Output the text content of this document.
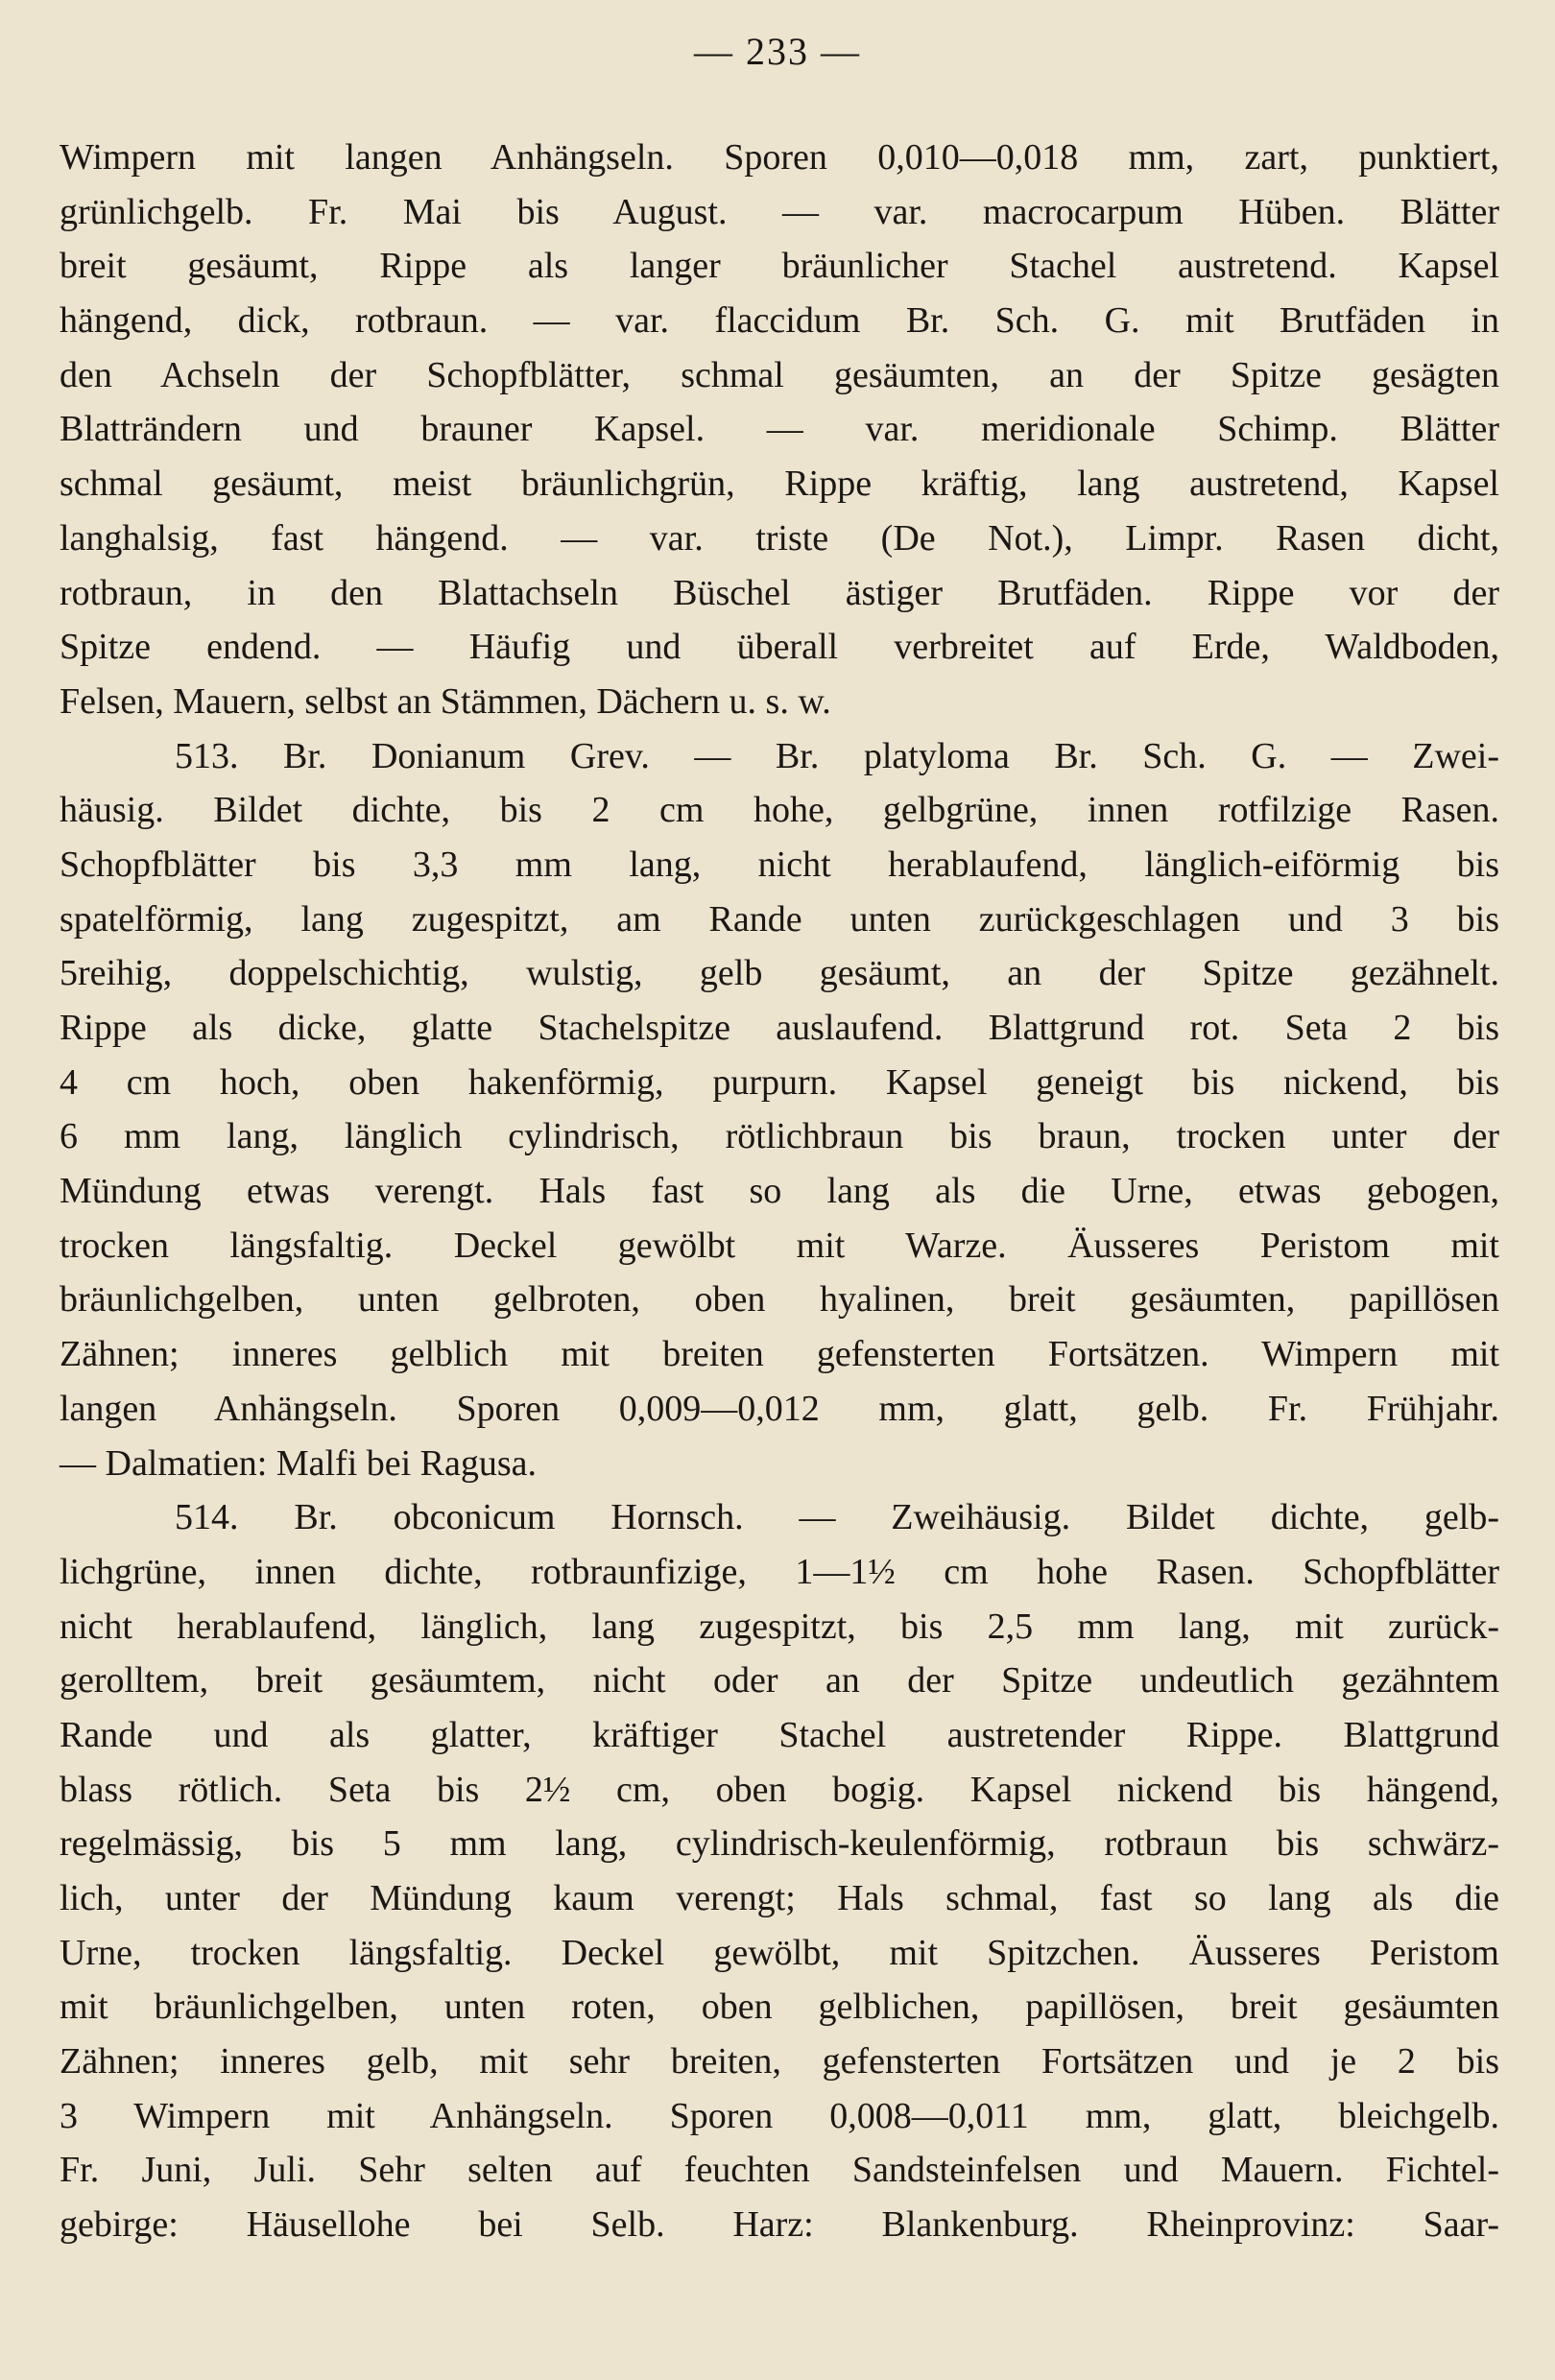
— 233 —
Wimpern mit langen Anhängseln. Sporen 0,010—0,018 mm, zart, punktiert,
grünlichgelb. Fr. Mai bis August. — var. macrocarpum Hüben. Blätter
breit gesäumt, Rippe als langer bräunlicher Stachel austretend. Kapsel
hängend, dick, rotbraun. — var. flaccidum Br. Sch. G. mit Brutfäden in
den Achseln der Schopfblätter, schmal gesäumten, an der Spitze gesägten
Blatträndern und brauner Kapsel. — var. meridionale Schimp. Blätter
schmal gesäumt, meist bräunlichgrün, Rippe kräftig, lang austretend, Kapsel
langhalsig, fast hängend. — var. triste (De Not.), Limpr. Rasen dicht,
rotbraun, in den Blattachseln Büschel ästiger Brutfäden. Rippe vor der
Spitze endend. — Häufig und überall verbreitet auf Erde, Waldboden,
Felsen, Mauern, selbst an Stämmen, Dächern u. s. w.
513. Br. Donianum Grev. — Br. platyloma Br. Sch. G. — Zwei-
häusig. Bildet dichte, bis 2 cm hohe, gelbgrüne, innen rotfilzige Rasen.
Schopfblätter bis 3,3 mm lang, nicht herablaufend, länglich-eiförmig bis
spatelförmig, lang zugespitzt, am Rande unten zurückgeschlagen und 3 bis
5reihig, doppelschichtig, wulstig, gelb gesäumt, an der Spitze gezähnelt.
Rippe als dicke, glatte Stachelspitze auslaufend. Blattgrund rot. Seta 2 bis
4 cm hoch, oben hakenförmig, purpurn. Kapsel geneigt bis nickend, bis
6 mm lang, länglich cylindrisch, rötlichbraun bis braun, trocken unter der
Mündung etwas verengt. Hals fast so lang als die Urne, etwas gebogen,
trocken längsfaltig. Deckel gewölbt mit Warze. Äusseres Peristom mit
bräunlichgelben, unten gelbroten, oben hyalinen, breit gesäumten, papillösen
Zähnen; inneres gelblich mit breiten gefensterten Fortsätzen. Wimpern mit
langen Anhängseln. Sporen 0,009—0,012 mm, glatt, gelb. Fr. Frühjahr.
— Dalmatien: Malfi bei Ragusa.
514. Br. obconicum Hornsch. — Zweihäusig. Bildet dichte, gelb-
lichgrüne, innen dichte, rotbraunfizige, 1—1½ cm hohe Rasen. Schopfblätter
nicht herablaufend, länglich, lang zugespitzt, bis 2,5 mm lang, mit zurück-
gerolltem, breit gesäumtem, nicht oder an der Spitze undeutlich gezähntem
Rande und als glatter, kräftiger Stachel austretender Rippe. Blattgrund
blass rötlich. Seta bis 2½ cm, oben bogig. Kapsel nickend bis hängend,
regelmässig, bis 5 mm lang, cylindrisch-keulenförmig, rotbraun bis schwärz-
lich, unter der Mündung kaum verengt; Hals schmal, fast so lang als die
Urne, trocken längsfaltig. Deckel gewölbt, mit Spitzchen. Äusseres Peristom
mit bräunlichgelben, unten roten, oben gelblichen, papillösen, breit gesäumten
Zähnen; inneres gelb, mit sehr breiten, gefensterten Fortsätzen und je 2 bis
3 Wimpern mit Anhängseln. Sporen 0,008—0,011 mm, glatt, bleichgelb.
Fr. Juni, Juli. Sehr selten auf feuchten Sandsteinfelsen und Mauern. Fichtel-
gebirge: Häusellohe bei Selb. Harz: Blankenburg. Rheinprovinz: Saar-
